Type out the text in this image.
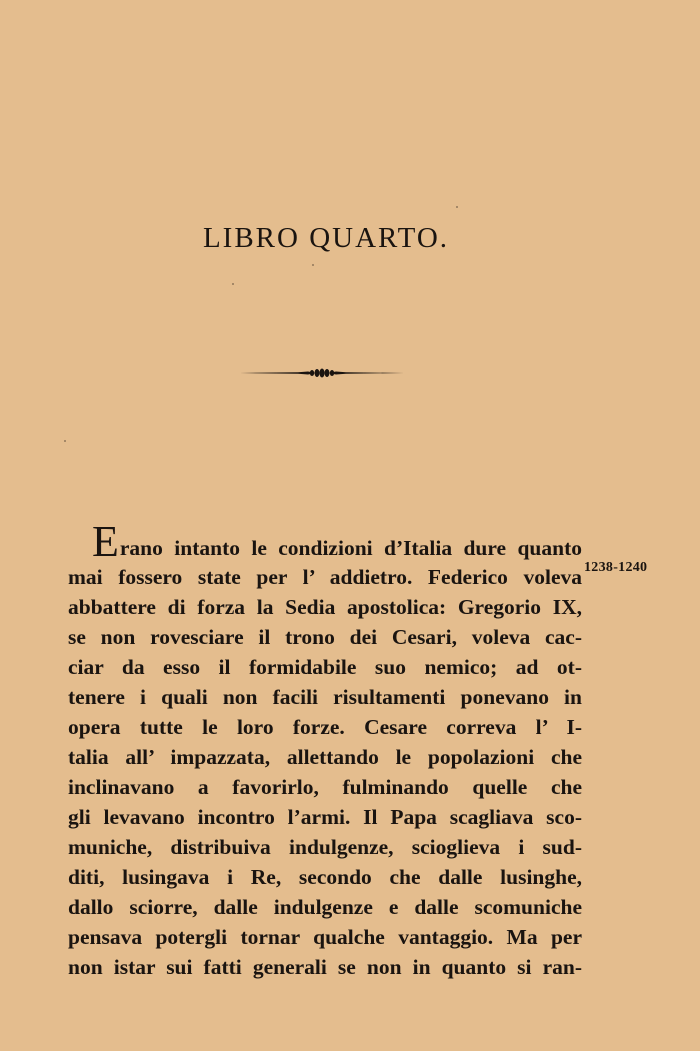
LIBRO QUARTO.
1238-1240
Erano intanto le condizioni d’Italia dure quanto
mai fossero state per l’ addietro. Federico voleva
abbattere di forza la Sedia apostolica: Gregorio IX,
se non rovesciare il trono dei Cesari, voleva cac-
ciar da esso il formidabile suo nemico; ad ot-
tenere i quali non facili risultamenti ponevano in
opera tutte le loro forze. Cesare correva l’ I-
talia all’ impazzata, allettando le popolazioni che
inclinavano a favorirlo, fulminando quelle che
gli levavano incontro l’armi. Il Papa scagliava sco-
muniche, distribuiva indulgenze, scioglieva i sud-
diti, lusingava i Re, secondo che dalle lusinghe,
dallo sciorre, dalle indulgenze e dalle scomuniche
pensava potergli tornar qualche vantaggio. Ma per
non istar sui fatti generali se non in quanto si ran-
